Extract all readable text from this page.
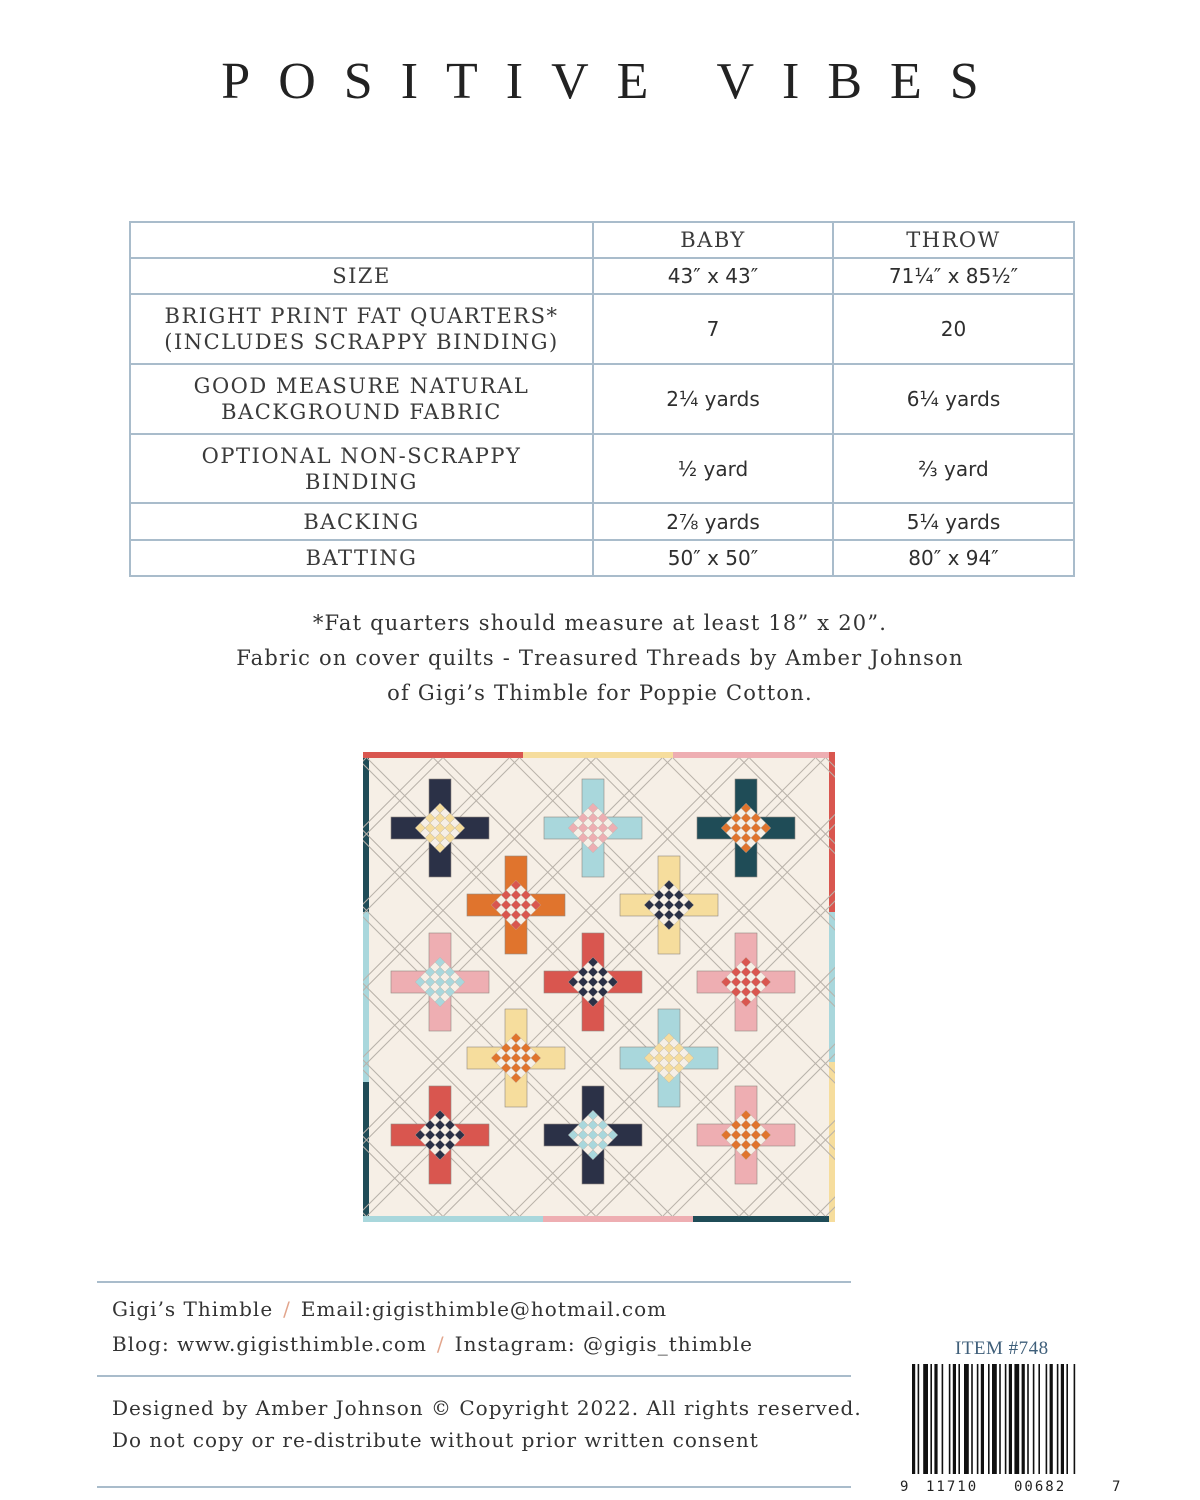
POSITIVE VIBES
	BABY	THROW
SIZE	43″ x 43″	71¼″ x 85½″

BRIGHT PRINT FAT QUARTERS*
(INCLUDES SCRAPPY BINDING)	7	20

GOOD MEASURE NATURAL
BACKGROUND FABRIC	2¼ yards	6¼ yards

OPTIONAL NON-SCRAPPY
BINDING	½ yard	⅔ yard
BACKING	2⅞ yards	5¼ yards
BATTING	50″ x 50″	80″ x 94″
*Fat quarters should measure at least 18” x 20”.
Fabric on cover quilts - Treasured Threads by Amber Johnson
of Gigi’s Thimble for Poppie Cotton.
Gigi’s Thimble / Email:gigisthimble@hotmail.com
Blog: www.gigisthimble.com / Instagram: @gigis_thimble
Designed by Amber Johnson © Copyright 2022. All rights reserved.
Do not copy or re-distribute without prior written consent
ITEM #748
9 11710	00682	7
